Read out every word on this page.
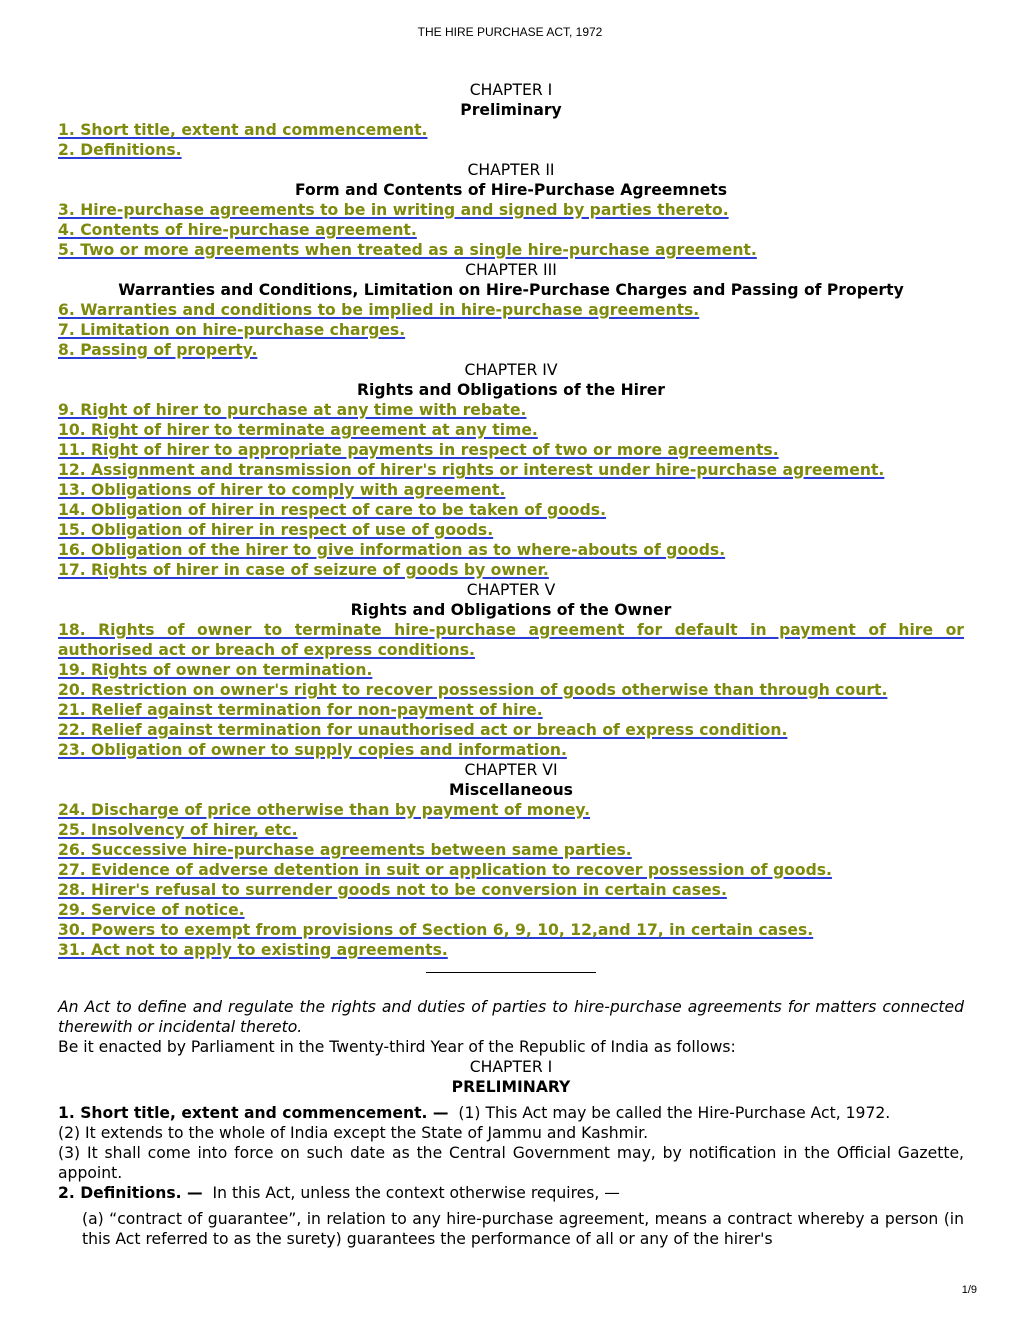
THE HIRE PURCHASE ACT, 1972
CHAPTER I
Preliminary
1. Short title, extent and commencement.
2. Definitions.
CHAPTER II
Form and Contents of Hire-Purchase Agreemnets
3. Hire-purchase agreements to be in writing and signed by parties thereto.
4. Contents of hire-purchase agreement.
5. Two or more agreements when treated as a single hire-purchase agreement.
CHAPTER III
Warranties and Conditions, Limitation on Hire-Purchase Charges and Passing of Property
6. Warranties and conditions to be implied in hire-purchase agreements.
7. Limitation on hire-purchase charges.
8. Passing of property.
CHAPTER IV
Rights and Obligations of the Hirer
9. Right of hirer to purchase at any time with rebate.
10. Right of hirer to terminate agreement at any time.
11. Right of hirer to appropriate payments in respect of two or more agreements.
12. Assignment and transmission of hirer's rights or interest under hire-purchase agreement.
13. Obligations of hirer to comply with agreement.
14. Obligation of hirer in respect of care to be taken of goods.
15. Obligation of hirer in respect of use of goods.
16. Obligation of the hirer to give information as to where-abouts of goods.
17. Rights of hirer in case of seizure of goods by owner.
CHAPTER V
Rights and Obligations of the Owner
18. Rights of owner to terminate hire-purchase agreement for default in payment of hire or authorised act or breach of express conditions.
19. Rights of owner on termination.
20. Restriction on owner's right to recover possession of goods otherwise than through court.
21. Relief against termination for non-payment of hire.
22. Relief against termination for unauthorised act or breach of express condition.
23. Obligation of owner to supply copies and information.
CHAPTER VI
Miscellaneous
24. Discharge of price otherwise than by payment of money.
25. Insolvency of hirer, etc.
26. Successive hire-purchase agreements between same parties.
27. Evidence of adverse detention in suit or application to recover possession of goods.
28. Hirer's refusal to surrender goods not to be conversion in certain cases.
29. Service of notice.
30. Powers to exempt from provisions of Section 6, 9, 10, 12,and 17, in certain cases.
31. Act not to apply to existing agreements.
An Act to define and regulate the rights and duties of parties to hire-purchase agreements for matters connected therewith or incidental thereto.
Be it enacted by Parliament in the Twenty-third Year of the Republic of India as follows:
CHAPTER I
PRELIMINARY
1. Short title, extent and commencement. — (1) This Act may be called the Hire-Purchase Act, 1972.
(2) It extends to the whole of India except the State of Jammu and Kashmir.
(3) It shall come into force on such date as the Central Government may, by notification in the Official Gazette, appoint.
2. Definitions. — In this Act, unless the context otherwise requires, —
(a) “contract of guarantee”, in relation to any hire-purchase agreement, means a contract whereby a person (in this Act referred to as the surety) guarantees the performance of all or any of the hirer's
1/9
